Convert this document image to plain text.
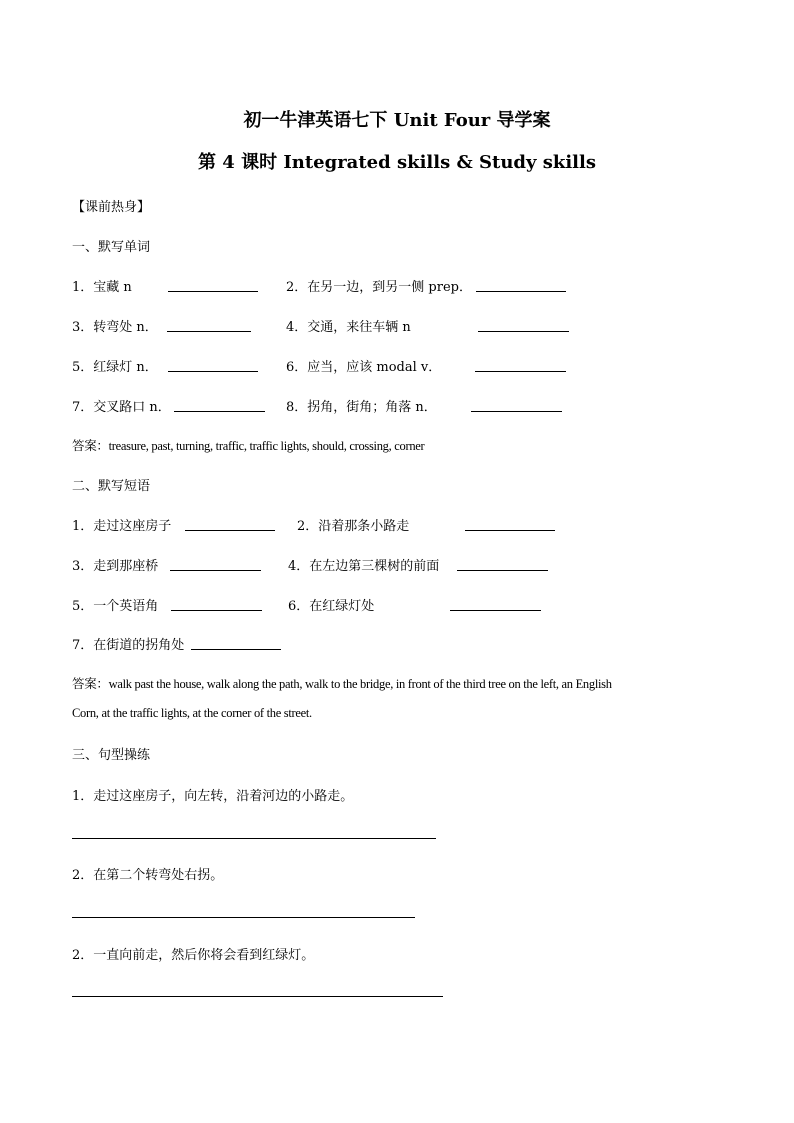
初一牛津英语七下 Unit Four 导学案
第 4 课时 Integrated skills & Study skills
【课前热身】
一、默写单词
1．宝藏 n	2．在另一边，到另一侧 prep．
3．转弯处 n．	4．交通，来往车辆 n
5．红绿灯 n．	6．应当，应该 modal v．
7．交叉路口 n．	8．拐角，街角；角落 n．
答案：treasure, past, turning, traffic, traffic lights, should, crossing, corner
二、默写短语
1．走过这座房子	2．沿着那条小路走
3．走到那座桥	4．在左边第三棵树的前面
5．一个英语角	6．在红绿灯处
7．在街道的拐角处
答案：walk past the house, walk along the path, walk to the bridge, in front of the third tree on the left, an English
Corn, at the traffic lights, at the corner of the street.
三、句型操练
1．走过这座房子，向左转，沿着河边的小路走。
2．在第二个转弯处右拐。
2．一直向前走，然后你将会看到红绿灯。
